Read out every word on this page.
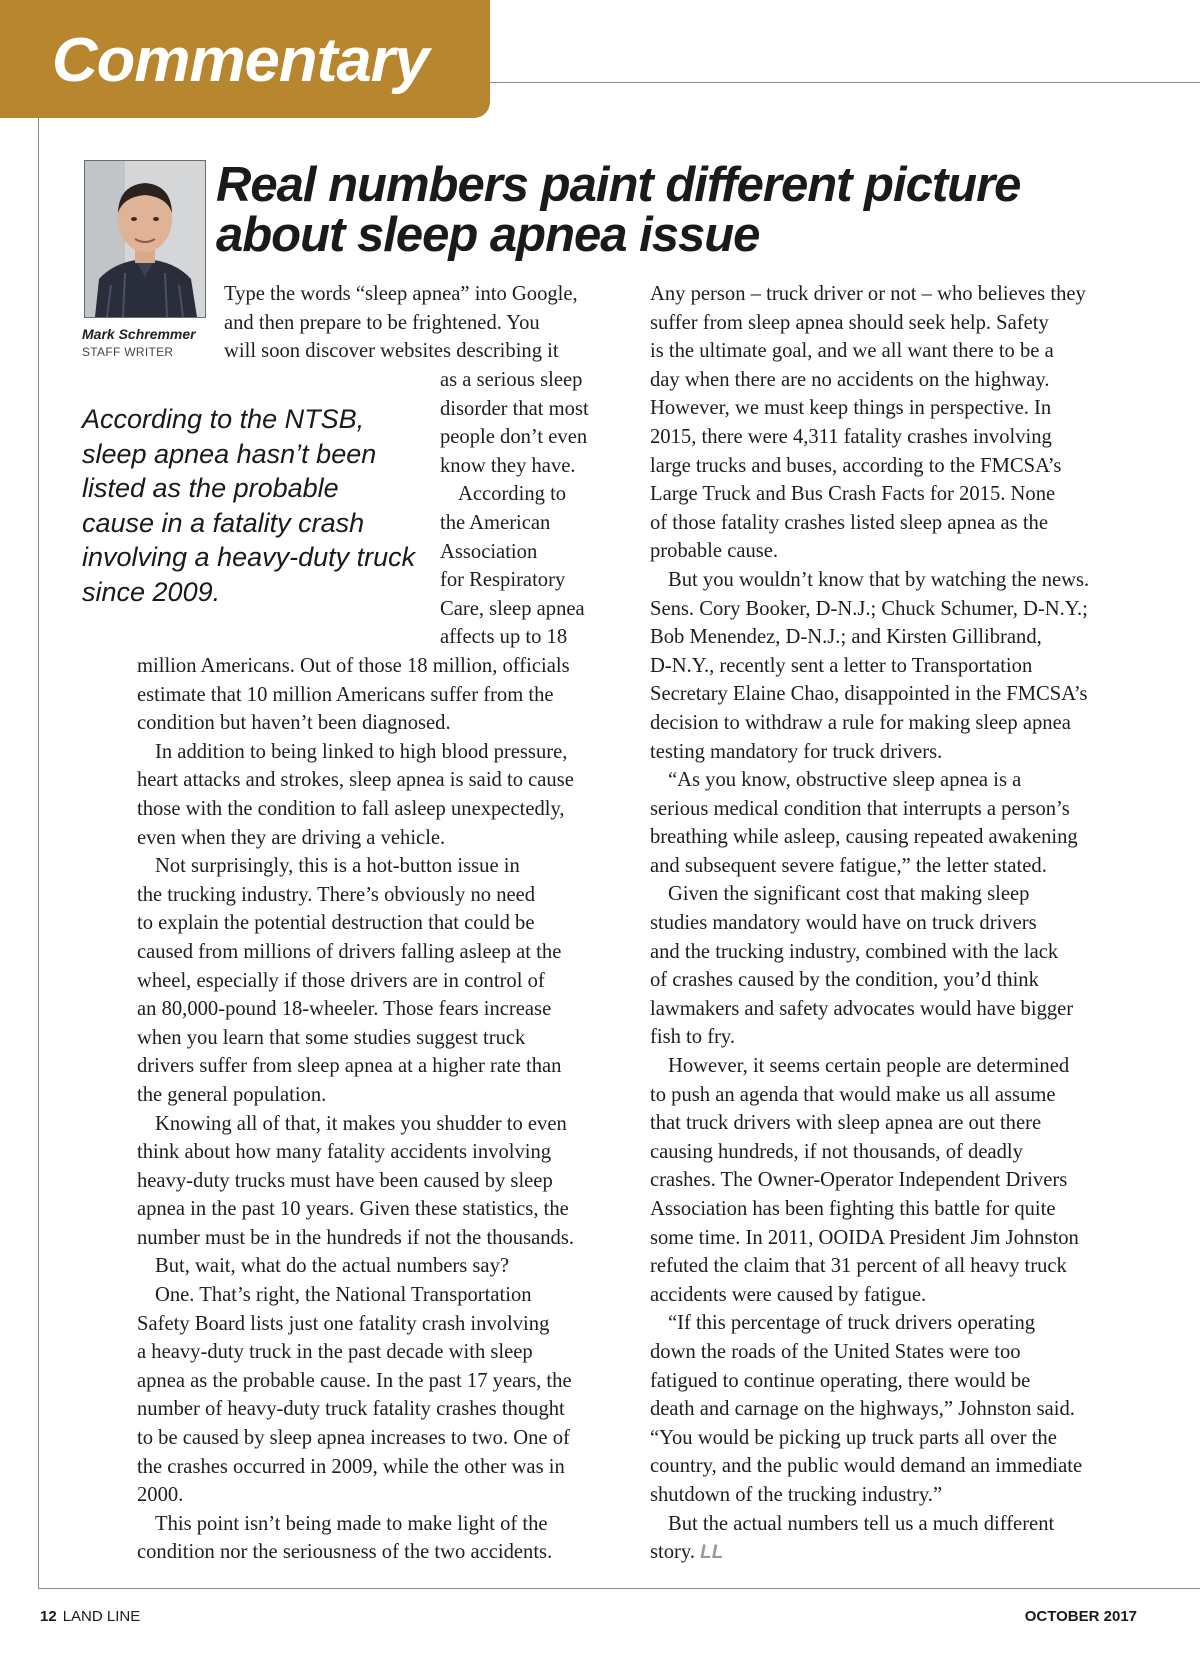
Commentary
Mark Schremmer
STAFF WRITER
Real numbers paint different picture
about sleep apnea issue

According to the NTSB,
sleep apnea hasn’t been
listed as the probable
cause in a fatality crash
involving a heavy-duty truck
since 2009.

Type the words “sleep apnea” into Google,
and then prepare to be frightened. You
will soon discover websites describing it
as a serious sleep
disorder that most
people don’t even
know they have.
According to
the American
Association
for Respiratory
Care, sleep apnea
affects up to 18
million Americans. Out of those 18 million, officials
estimate that 10 million Americans suffer from the
condition but haven’t been diagnosed.
In addition to being linked to high blood pressure,
heart attacks and strokes, sleep apnea is said to cause
those with the condition to fall asleep unexpectedly,
even when they are driving a vehicle.
Not surprisingly, this is a hot-button issue in
the trucking industry. There’s obviously no need
to explain the potential destruction that could be
caused from millions of drivers falling asleep at the
wheel, especially if those drivers are in control of
an 80,000-pound 18-wheeler. Those fears increase
when you learn that some studies suggest truck
drivers suffer from sleep apnea at a higher rate than
the general population.
Knowing all of that, it makes you shudder to even
think about how many fatality accidents involving
heavy-duty trucks must have been caused by sleep
apnea in the past 10 years. Given these statistics, the
number must be in the hundreds if not the thousands.
But, wait, what do the actual numbers say?
One. That’s right, the National Transportation
Safety Board lists just one fatality crash involving
a heavy-duty truck in the past decade with sleep
apnea as the probable cause. In the past 17 years, the
number of heavy-duty truck fatality crashes thought
to be caused by sleep apnea increases to two. One of
the crashes occurred in 2009, while the other was in
2000.
This point isn’t being made to make light of the
condition nor the seriousness of the two accidents.
Any person – truck driver or not – who believes they
suffer from sleep apnea should seek help. Safety
is the ultimate goal, and we all want there to be a
day when there are no accidents on the highway.
However, we must keep things in perspective. In
2015, there were 4,311 fatality crashes involving
large trucks and buses, according to the FMCSA’s
Large Truck and Bus Crash Facts for 2015. None
of those fatality crashes listed sleep apnea as the
probable cause.
But you wouldn’t know that by watching the news.
Sens. Cory Booker, D-N.J.; Chuck Schumer, D-N.Y.;
Bob Menendez, D-N.J.; and Kirsten Gillibrand,
D-N.Y., recently sent a letter to Transportation
Secretary Elaine Chao, disappointed in the FMCSA’s
decision to withdraw a rule for making sleep apnea
testing mandatory for truck drivers.
“As you know, obstructive sleep apnea is a
serious medical condition that interrupts a person’s
breathing while asleep, causing repeated awakening
and subsequent severe fatigue,” the letter stated.
Given the significant cost that making sleep
studies mandatory would have on truck drivers
and the trucking industry, combined with the lack
of crashes caused by the condition, you’d think
lawmakers and safety advocates would have bigger
fish to fry.
However, it seems certain people are determined
to push an agenda that would make us all assume
that truck drivers with sleep apnea are out there
causing hundreds, if not thousands, of deadly
crashes. The Owner-Operator Independent Drivers
Association has been fighting this battle for quite
some time. In 2011, OOIDA President Jim Johnston
refuted the claim that 31 percent of all heavy truck
accidents were caused by fatigue.
“If this percentage of truck drivers operating
down the roads of the United States were too
fatigued to continue operating, there would be
death and carnage on the highways,” Johnston said.
“You would be picking up truck parts all over the
country, and the public would demand an immediate
shutdown of the trucking industry.”
But the actual numbers tell us a much different
story. LL
12 LAND LINE	OCTOBER 2017
